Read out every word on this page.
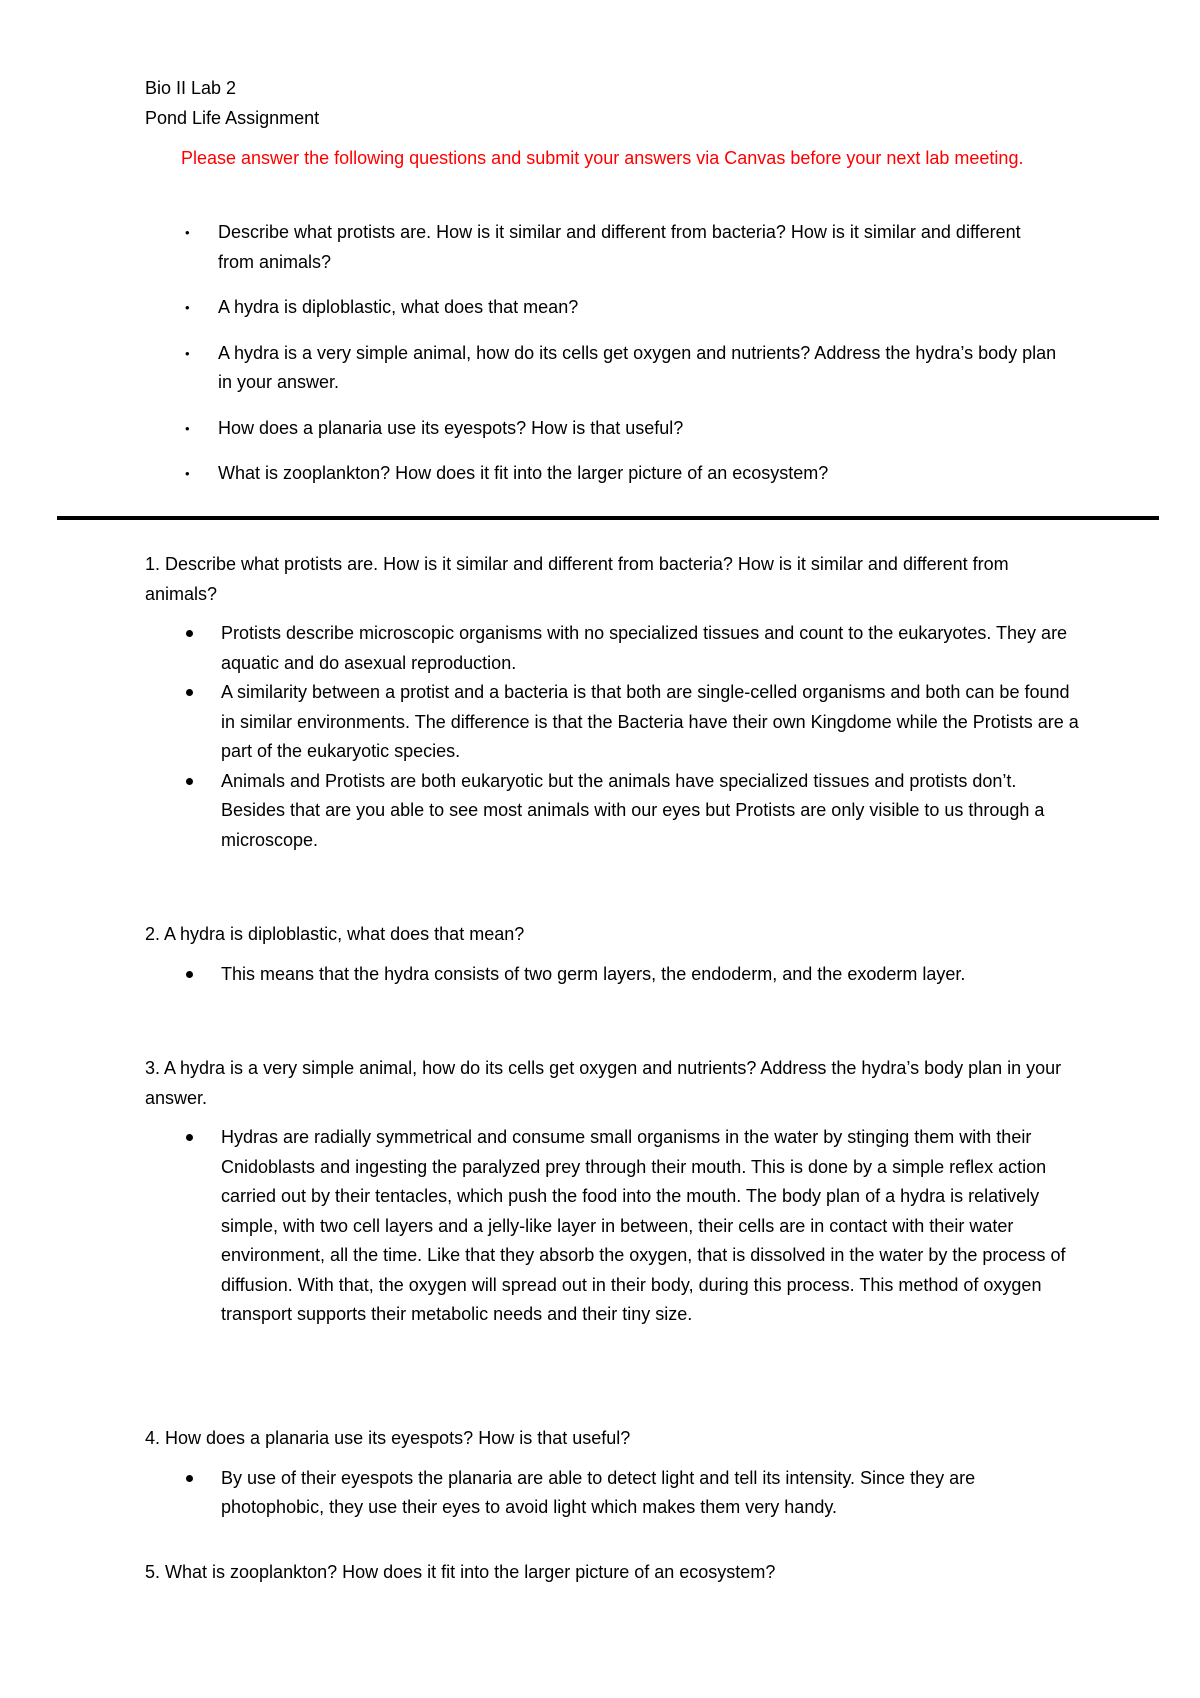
Bio II Lab 2

Pond Life Assignment

Please answer the following questions and submit your answers via Canvas before your next lab meeting.

• Describe what protists are. How is it similar and different from bacteria? How is it similar and different from animals?
• A hydra is diploblastic, what does that mean?
• A hydra is a very simple animal, how do its cells get oxygen and nutrients? Address the hydra’s body plan in your answer.
• How does a planaria use its eyespots? How is that useful?
• What is zooplankton? How does it fit into the larger picture of an ecosystem?

1. Describe what protists are. How is it similar and different from bacteria? How is it similar and different from animals?

Protists describe microscopic organisms with no specialized tissues and count to the eukaryotes. They are aquatic and do asexual reproduction.
A similarity between a protist and a bacteria is that both are single-celled organisms and both can be found in similar environments. The difference is that the Bacteria have their own Kingdome while the Protists are a part of the eukaryotic species.
Animals and Protists are both eukaryotic but the animals have specialized tissues and protists don’t. Besides that are you able to see most animals with our eyes but Protists are only visible to us through a microscope.

2. A hydra is diploblastic, what does that mean?

This means that the hydra consists of two germ layers, the endoderm, and the exoderm layer.

3. A hydra is a very simple animal, how do its cells get oxygen and nutrients? Address the hydra’s body plan in your answer.

Hydras are radially symmetrical and consume small organisms in the water by stinging them with their Cnidoblasts and ingesting the paralyzed prey through their mouth. This is done by a simple reflex action carried out by their tentacles, which push the food into the mouth. The body plan of a hydra is relatively simple, with two cell layers and a jelly-like layer in between, their cells are in contact with their water environment, all the time. Like that they absorb the oxygen, that is dissolved in the water by the process of diffusion. With that, the oxygen will spread out in their body, during this process. This method of oxygen transport supports their metabolic needs and their tiny size.

4. How does a planaria use its eyespots? How is that useful?

By use of their eyespots the planaria are able to detect light and tell its intensity. Since they are photophobic, they use their eyes to avoid light which makes them very handy.

5. What is zooplankton? How does it fit into the larger picture of an ecosystem?
